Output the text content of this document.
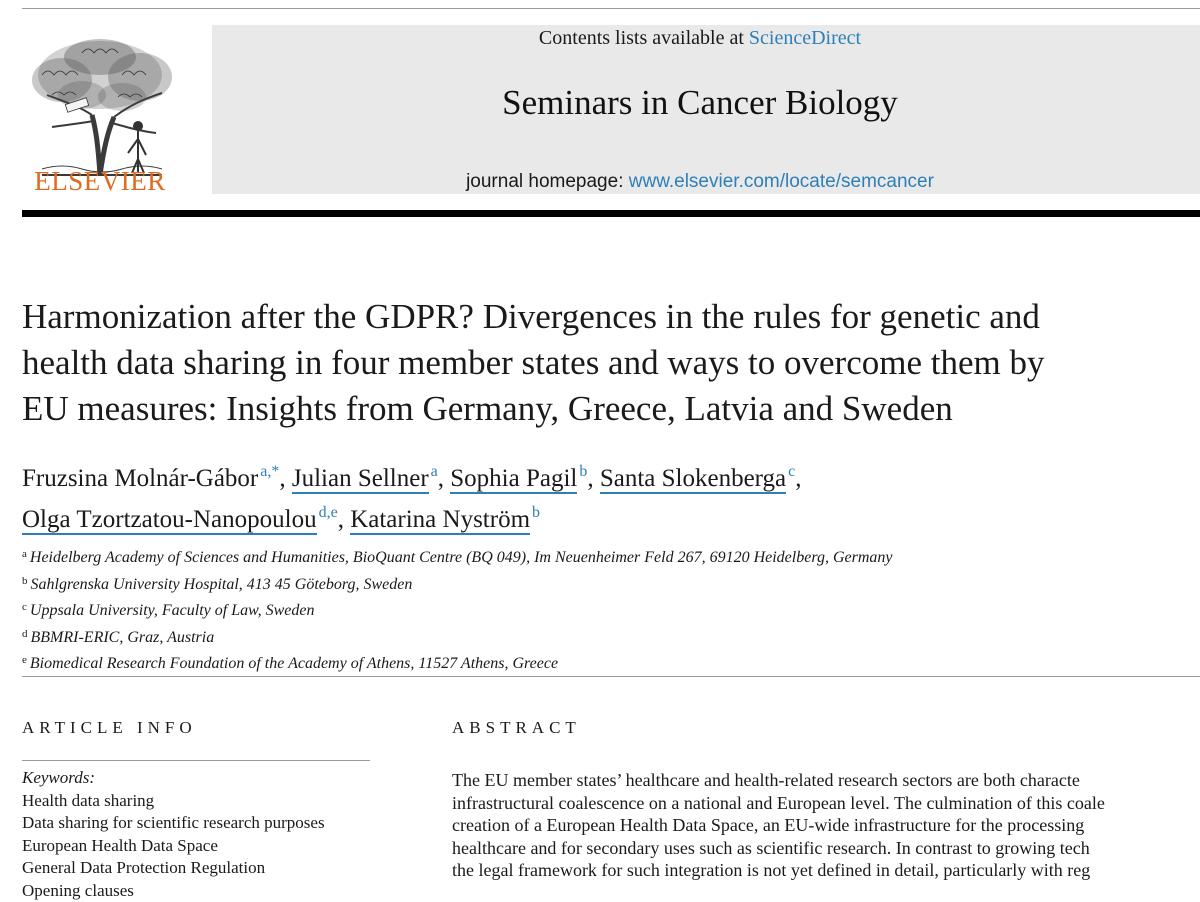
ELSEVIER
Contents lists available at ScienceDirect
Seminars in Cancer Biology
journal homepage: www.elsevier.com/locate/semcancer
Harmonization after the GDPR? Divergences in the rules for genetic and
health data sharing in four member states and ways to overcome them by
EU measures: Insights from Germany, Greece, Latvia and Sweden
Fruzsina Molnár-Gábor $^{a,*}$, Julian Sellner $^a$, Sophia Pagil $^b$, Santa Slokenberga $^c$,
Olga Tzortzatou-Nanopoulou $^{d,e}$, Katarina Nyström $^b$
$^a$ Heidelberg Academy of Sciences and Humanities, BioQuant Centre (BQ 049), Im Neuenheimer Feld 267, 69120 Heidelberg, Germany
$^b$ Sahlgrenska University Hospital, 413 45 Göteborg, Sweden
$^c$ Uppsala University, Faculty of Law, Sweden
$^d$ BBMRI-ERIC, Graz, Austria
$^e$ Biomedical Research Foundation of the Academy of Athens, 11527 Athens, Greece
ARTICLE INFO	ABSTRACT
Keywords:
Health data sharing
Data sharing for scientific research purposes
European Health Data Space
General Data Protection Regulation
Opening clauses
The EU member states’ healthcare and health-related research sectors are both characte
infrastructural coalescence on a national and European level. The culmination of this coale
creation of a European Health Data Space, an EU-wide infrastructure for the processing
healthcare and for secondary uses such as scientific research. In contrast to growing tech
the legal framework for such integration is not yet defined in detail, particularly with reg
